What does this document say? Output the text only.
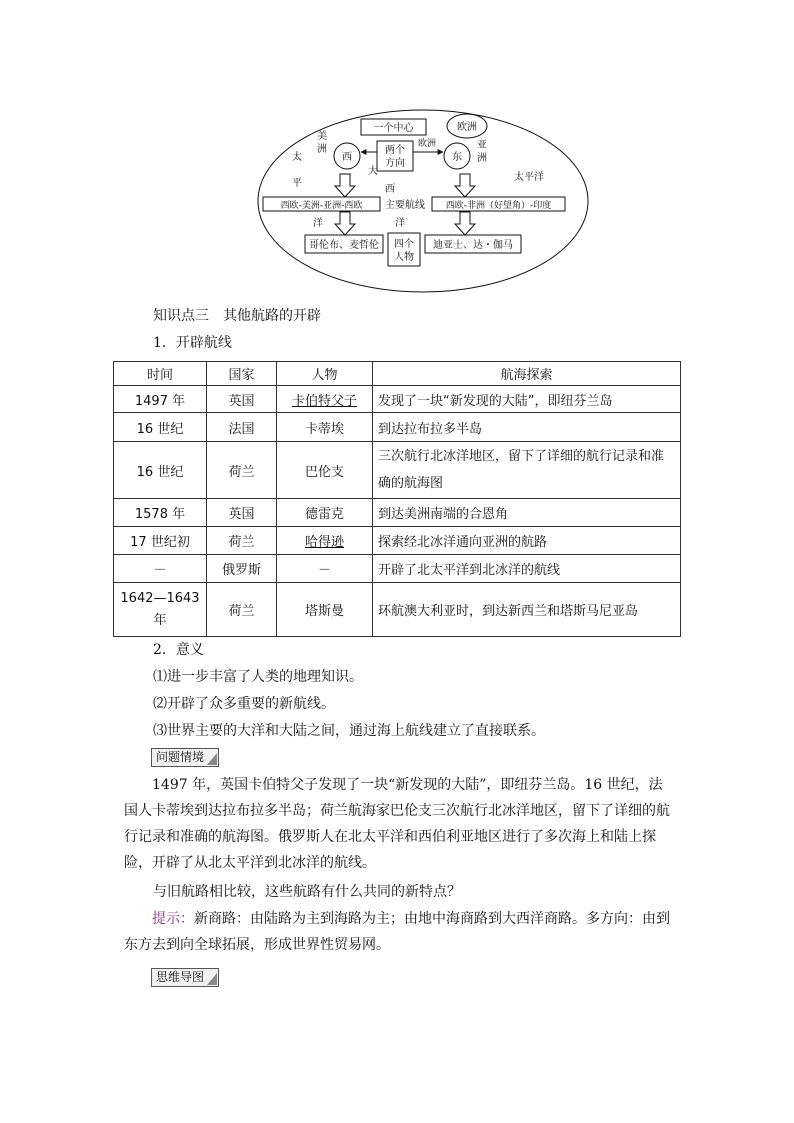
一个中心	欧洲
西	东
两个
方向
欧洲
美
洲	亚
洲
太
平
洋
大
西
洋
太平洋
西欧-美洲-亚洲-西欧 主要航线 西欧-非洲（好望角）-印度
哥伦布、麦哲伦 四个
人物
迪亚士、达・伽马
知识点三　其他航路的开辟
1．开辟航线
时间	国家	人物	航海探索
1497 年	英国	卡伯特父子	发现了一块“新发现的大陆”，即纽芬兰岛
16 世纪	法国	卡蒂埃	到达拉布拉多半岛
16 世纪	荷兰	巴伦支	三次航行北冰洋地区，留下了详细的航行记录和准确的航海图
1578 年	英国	德雷克	到达美洲南端的合恩角
17 世纪初	荷兰	哈得逊	探索经北冰洋通向亚洲的航路
－	俄罗斯	－	开辟了北太平洋到北冰洋的航线
1642—1643 年	荷兰	塔斯曼	环航澳大利亚时，到达新西兰和塔斯马尼亚岛
2．意义
⑴进一步丰富了人类的地理知识。
⑵开辟了众多重要的新航线。
⑶世界主要的大洋和大陆之间，通过海上航线建立了直接联系。
问题情境
1497 年，英国卡伯特父子发现了一块“新发现的大陆”，即纽芬兰岛。16 世纪，法国人卡蒂埃到达拉布拉多半岛；荷兰航海家巴伦支三次航行北冰洋地区，留下了详细的航行记录和准确的航海图。俄罗斯人在北太平洋和西伯利亚地区进行了多次海上和陆上探险，开辟了从北太平洋到北冰洋的航线。
与旧航路相比较，这些航路有什么共同的新特点？
提示：新商路：由陆路为主到海路为主；由地中海商路到大西洋商路。多方向：由到东方去到向全球拓展，形成世界性贸易网。
思维导图
